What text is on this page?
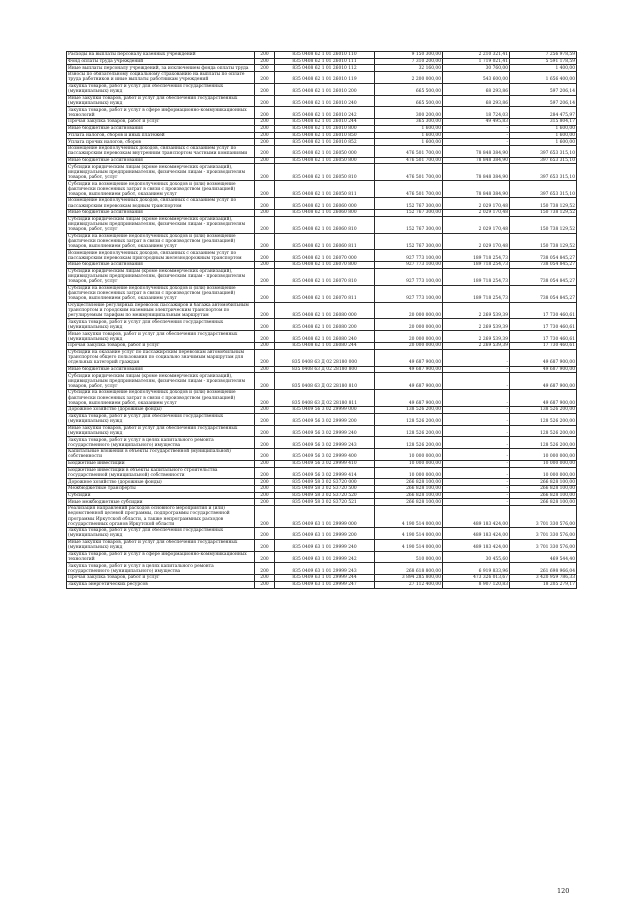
Расходы на выплаты персоналу казенных учреждений	200	835 0408 62 1 01 26010 110	9 150 300,00	2 210 321,41	7 256 978,59
Фонд оплаты труда учреждений	200	835 0408 62 1 01 26010 111	7 310 200,00	1 719 021,41	5 591 178,59
Иные выплаты персоналу учреждений, за исключением фонда оплаты труда	200	835 0408 62 1 01 26010 112	32 160,00	30 760,00	1 400,00
Взносы по обязательному социальному страхованию на выплаты по оплате труда работников и иные выплаты работникам учреждений	200	835 0408 62 1 01 26010 119	2 200 000,00	543 600,00	1 656 400,00
Закупка товаров, работ и услуг для обеспечения государственных (муниципальных) нужд	200	835 0408 62 1 01 26010 200	665 500,00	68 293,86	597 206,14
Иные закупки товаров, работ и услуг для обеспечения государственных (муниципальных) нужд	200	835 0408 62 1 01 26010 240	665 500,00	68 293,86	597 206,14
Закупка товаров, работ и услуг в сфере информационно-коммуникационных технологий	200	835 0408 62 1 01 26010 242	300 200,00	18 724,03	284 475,97
Прочая закупка товаров, работ и услуг	200	835 0408 62 1 01 26010 244	365 300,00	49 495,83	315 804,17
Иные бюджетные ассигнования	200	835 0408 62 1 01 26010 800	1 600,00	-	1 600,00
Уплата налогов, сборов и иных платежей	200	835 0408 62 1 01 26010 850	1 600,00	-	1 600,00
Уплата прочих налогов, сборов	200	835 0408 62 1 01 26010 852	1 600,00	-	1 600,00
Возмещение недополученных доходов, связанных с оказанием услуг по пассажирским перевозкам внутренним транспортом частными компаниями	200	835 0408 62 1 01 26050 000	476 501 700,00	78 848 384,90	397 653 315,10
Иные бюджетные ассигнования	200	835 0408 62 1 01 26050 800	476 501 700,00	78 848 384,90	397 653 315,10
Субсидии юридическим лицам (кроме некоммерческих организаций), индивидуальным предпринимателям, физическим лицам - производителям товаров, работ, услуг	200	835 0408 62 1 01 26050 810	476 501 700,00	78 848 384,90	397 653 315,10
Субсидии на возмещение недополученных доходов и (или) возмещение фактически понесенных затрат в связи с производством (реализацией) товаров, выполнением работ, оказанием услуг	200	835 0408 62 1 01 26050 811	476 501 700,00	78 848 384,90	397 653 315,10
Возмещение недополученных доходов, связанных с оказанием услуг по пассажирским перевозкам водным транспортом	200	835 0408 62 1 01 26060 000	152 767 300,00	2 029 170,48	150 738 129,52
Иные бюджетные ассигнования	200	835 0408 62 1 01 26060 800	152 767 300,00	2 029 170,48	150 738 129,52
Субсидии юридическим лицам (кроме некоммерческих организаций), индивидуальным предпринимателям, физическим лицам - производителям товаров, работ, услуг	200	835 0408 62 1 01 26060 810	152 767 300,00	2 029 170,48	150 738 129,52
Субсидии на возмещение недополученных доходов и (или) возмещение фактически понесенных затрат в связи с производством (реализацией) товаров, выполнением работ, оказанием услуг	200	835 0408 62 1 01 26060 811	152 767 300,00	2 029 170,48	150 738 129,52
Возмещение недополученных доходов, связанных с оказанием услуг по пассажирским перевозкам пригородным железнодорожным транспортом	200	835 0408 62 1 01 26070 000	927 773 100,00	189 718 254,73	738 054 845,27
Иные бюджетные ассигнования	200	835 0408 62 1 01 26070 800	927 773 100,00	189 718 254,73	738 054 845,27
Субсидии юридическим лицам (кроме некоммерческих организаций), индивидуальным предпринимателям, физическим лицам - производителям товаров, работ, услуг	200	835 0408 62 1 01 26070 810	927 773 100,00	189 718 254,73	738 054 845,27
Субсидии на возмещение недополученных доходов и (или) возмещение фактически понесенных затрат в связи с производством (реализацией) товаров, выполнением работ, оказанием услуг	200	835 0408 62 1 01 26070 811	927 773 100,00	189 718 254,73	738 054 845,27
Осуществление регулярных перевозок пассажиров и багажа автомобильным транспортом и городским наземным электрическим транспортом по регулируемым тарифам по межмуниципальным маршрутам	200	835 0408 62 1 01 26080 000	20 000 000,00	2 269 539,39	17 730 460,61
Закупка товаров, работ и услуг для обеспечения государственных (муниципальных) нужд	200	835 0408 62 1 01 26080 200	20 000 000,00	2 269 539,39	17 730 460,61
Иные закупки товаров, работ и услуг для обеспечения государственных (муниципальных) нужд	200	835 0408 62 1 01 26080 240	20 000 000,00	2 269 539,39	17 730 460,61
Прочая закупка товаров, работ и услуг	200	835 0408 62 1 01 26080 244	20 000 000,00	2 269 539,39	17 730 460,61
Субсидии на оказание услуг по пассажирским перевозкам автомобильным транспортом общего пользования по социально значимым маршрутам для отдельных категорий граждан	200	835 0408 63 Д 02 28180 000	49 687 900,00	-	49 687 900,00
Иные бюджетные ассигнования	200	835 0408 63 Д 02 28180 800	49 687 900,00	-	49 687 900,00
Субсидии юридическим лицам (кроме некоммерческих организаций), индивидуальным предпринимателям, физическим лицам - производителям товаров, работ, услуг	200	835 0408 63 Д 02 28180 810	49 687 900,00	-	49 687 900,00
Субсидии на возмещение недополученных доходов и (или) возмещение фактически понесенных затрат в связи с производством (реализацией) товаров, выполнением работ, оказанием услуг	200	835 0408 63 Д 02 28180 811	49 687 900,00	-	49 687 900,00
Дорожное хозяйство (дорожные фонды)	200	835 0409 56 3 02 29999 000	138 526 200,00	-	138 526 200,00
Закупка товаров, работ и услуг для обеспечения государственных (муниципальных) нужд	200	835 0409 56 3 02 29999 200	128 526 200,00	-	128 526 200,00
Иные закупки товаров, работ и услуг для обеспечения государственных (муниципальных) нужд	200	835 0409 56 3 02 29999 240	128 526 200,00	-	128 526 200,00
Закупка товаров, работ и услуг в целях капитального ремонта государственного (муниципального) имущества	200	835 0409 56 3 02 29999 243	128 526 200,00	-	128 526 200,00
Капитальные вложения в объекты государственной (муниципальной) собственности	200	835 0409 56 3 02 29999 400	10 000 000,00	-	10 000 000,00
Бюджетные инвестиции	200	835 0409 56 3 02 29999 410	10 000 000,00	-	10 000 000,00
Бюджетные инвестиции в объекты капитального строительства государственной (муниципальной) собственности	200	835 0409 56 3 02 29999 414	10 000 000,00	-	10 000 000,00
Дорожное хозяйство (дорожные фонды)	200	835 0409 58 3 02 S3720 000	266 828 100,00	-	266 828 100,00
Межбюджетные трансферты	200	835 0409 58 3 02 S3720 500	266 828 100,00	-	266 828 100,00
Субсидии	200	835 0409 58 3 02 S3720 520	266 828 100,00	-	266 828 100,00
Иные межбюджетные субсидии	200	835 0409 58 3 02 S3720 521	266 828 100,00	-	266 828 100,00
Реализация направлений расходов основного мероприятия и (или) ведомственной целевой программы, подпрограммы государственной программы Иркутской области, а также непрограммных расходов государственных органов Иркутской области	200	835 0409 63 1 01 29999 000	4 190 514 000,00	489 183 424,00	3 701 330 576,00
Закупка товаров, работ и услуг для обеспечения государственных (муниципальных) нужд	200	835 0409 63 1 01 29999 200	4 190 514 000,00	489 183 424,00	3 701 330 576,00
Иные закупки товаров, работ и услуг для обеспечения государственных (муниципальных) нужд	200	835 0409 63 1 01 29999 240	4 190 514 000,00	489 183 424,00	3 701 330 576,00
Закупка товаров, работ и услуг в сфере информационно-коммуникационных технологий	200	835 0409 63 1 01 29999 242	510 000,00	30 455,60	469 544,40
Закупка товаров, работ и услуг в целях капитального ремонта государственного (муниципального) имущества	200	835 0409 63 1 01 29999 243	268 618 800,00	6 919 833,96	261 698 966,04
Прочая закупка товаров, работ и услуг	200	835 0409 63 1 01 29999 244	3 894 285 800,00	473 326 013,67	3 420 959 786,33
Закупка энергетических ресурсов	200	835 0409 63 1 01 29999 247	27 112 400,00	8 907 120,83	18 205 279,17
120
